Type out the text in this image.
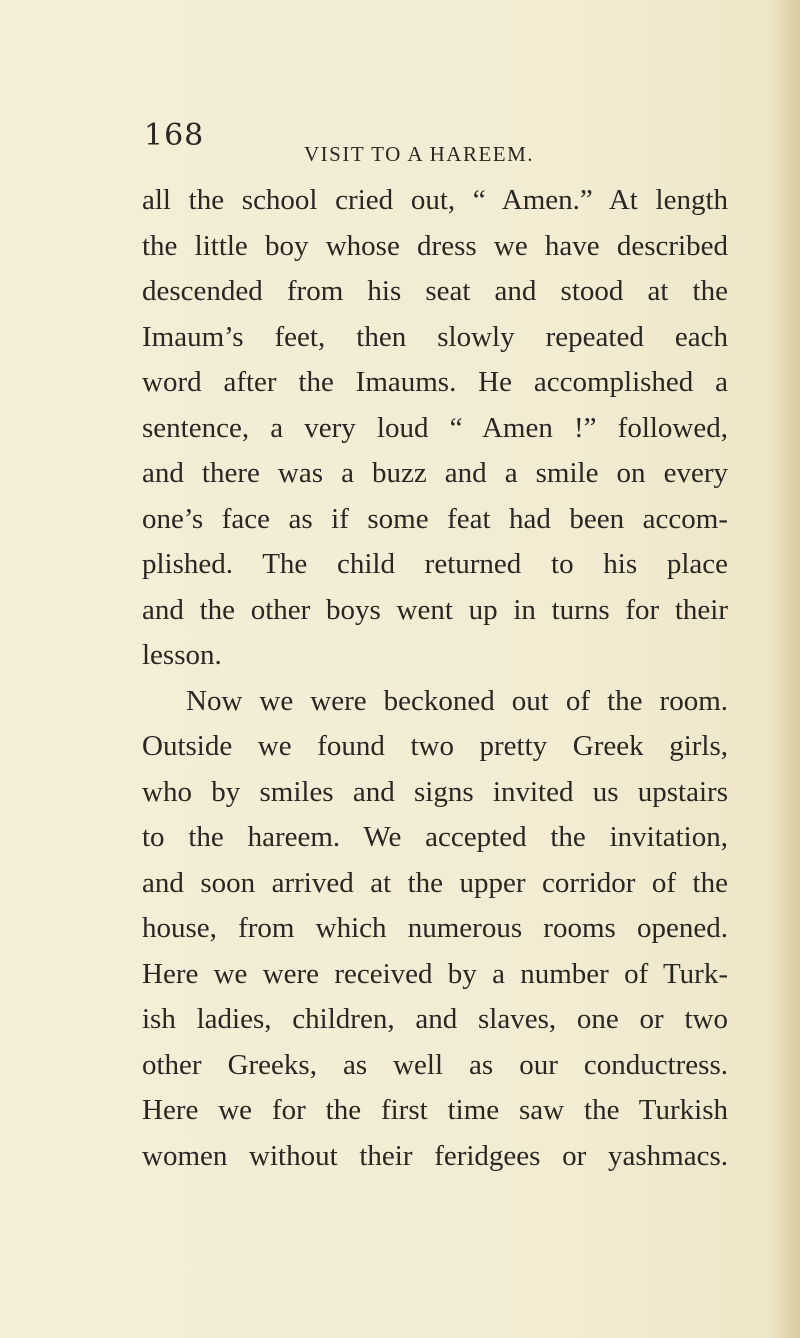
168
VISIT TO A HAREEM.
all the school cried out, “ Amen.” At length
the little boy whose dress we have described
descended from his seat and stood at the
Imaum’s feet, then slowly repeated each
word after the Imaums. He accomplished a
sentence, a very loud “ Amen !” followed,
and there was a buzz and a smile on every
one’s face as if some feat had been accom-
plished. The child returned to his place
and the other boys went up in turns for their
lesson.
Now we were beckoned out of the room.
Outside we found two pretty Greek girls,
who by smiles and signs invited us upstairs
to the hareem. We accepted the invitation,
and soon arrived at the upper corridor of the
house, from which numerous rooms opened.
Here we were received by a number of Turk-
ish ladies, children, and slaves, one or two
other Greeks, as well as our conductress.
Here we for the first time saw the Turkish
women without their feridgees or yashmacs.
